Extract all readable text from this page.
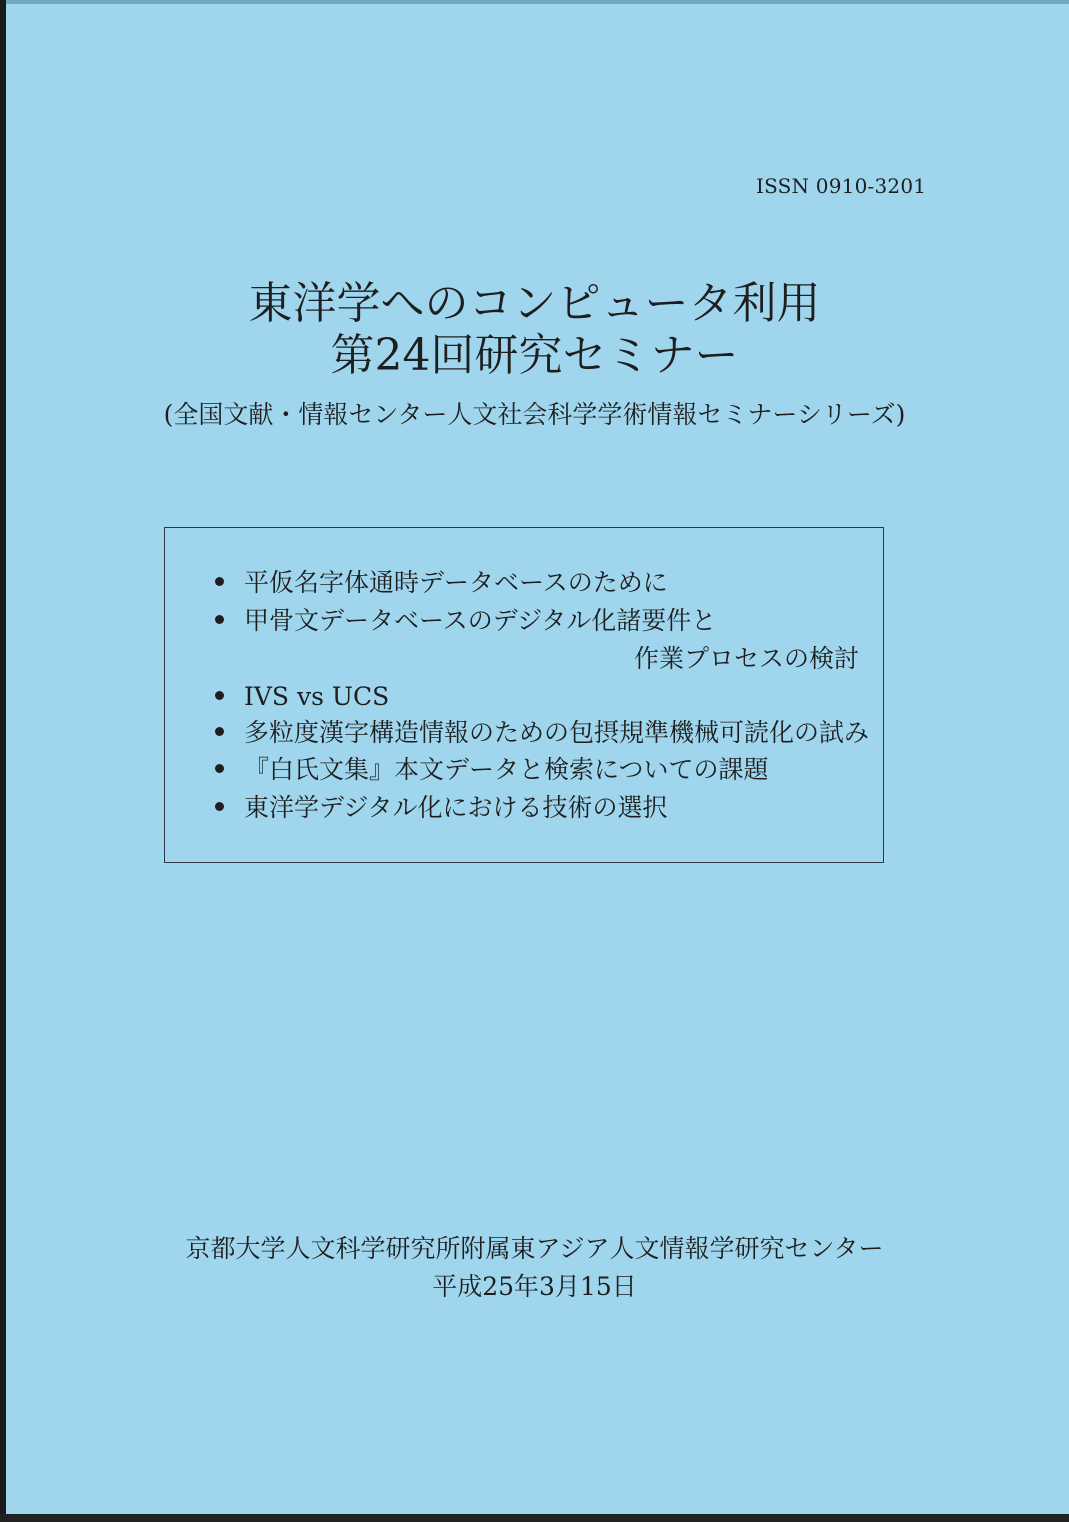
ISSN 0910-3201
東洋学へのコンピュータ利用
第24回研究セミナー
(全国文献・情報センター人文社会科学学術情報セミナーシリーズ)
平仮名字体通時データベースのために
甲骨文データベースのデジタル化諸要件と
作業プロセスの検討
IVS vs UCS
多粒度漢字構造情報のための包摂規準機械可読化の試み
『白氏文集』本文データと検索についての課題
東洋学デジタル化における技術の選択
京都大学人文科学研究所附属東アジア人文情報学研究センター
平成25年3月15日
